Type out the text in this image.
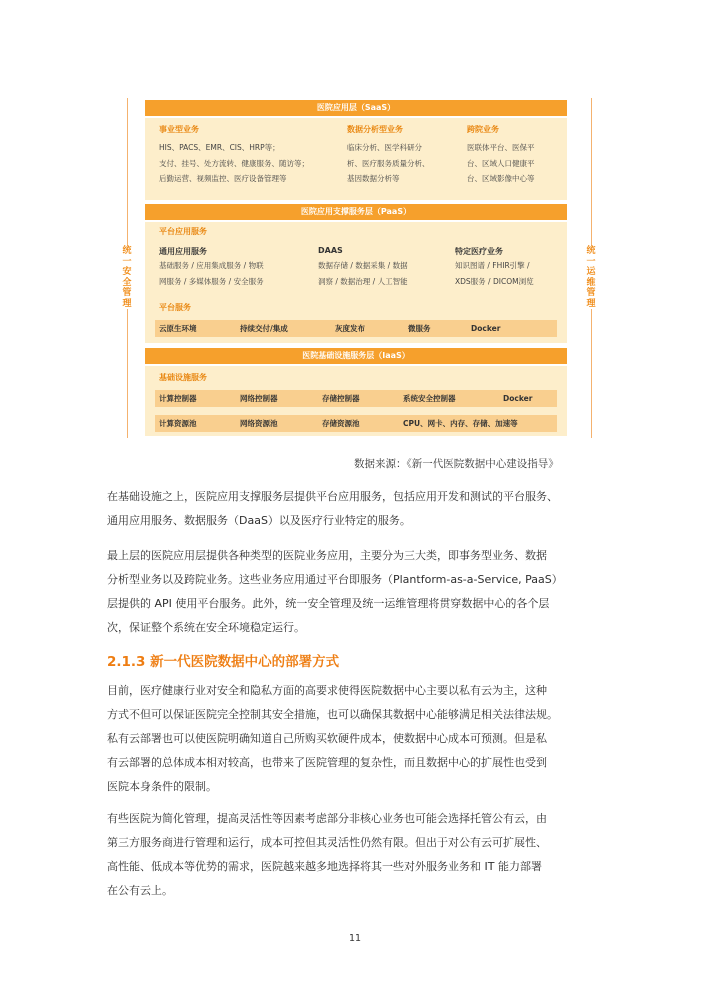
统
一
安
全
管
理
统
一
运
维
管
理
医院应用层（SaaS）
事业型业务
HIS、PACS、EMR、CIS、HRP等；
支付、挂号、处方流转、健康服务、随访等；
后勤运营、视频监控、医疗设备管理等
数据分析型业务
临床分析、医学科研分
析、医疗服务质量分析、
基因数据分析等
跨院业务
医联体平台、医保平
台、区域人口健康平
台、区域影像中心等
医院应用支撑服务层（PaaS）
平台应用服务
通用应用服务
基础服务 / 应用集成服务 / 物联
网服务 / 多媒体服务 / 安全服务
DAAS
数据存储 / 数据采集 / 数据
洞察 / 数据治理 / 人工智能
特定医疗业务
知识图谱 / FHIR引擎 /
XDS服务 / DICOM浏览
平台服务
云原生环境	持续交付/集成	灰度发布	微服务	Docker
医院基础设施服务层（IaaS）
基础设施服务
计算控制器	网络控制器	存储控制器	系统安全控制器	Docker
计算资源池	网络资源池	存储资源池	CPU、网卡、内存、存储、加速等
数据来源：《新一代医院数据中心建设指导》
在基础设施之上，医院应用支撑服务层提供平台应用服务，包括应用开发和测试的平台服务、
通用应用服务、数据服务（DaaS）以及医疗行业特定的服务。
最上层的医院应用层提供各种类型的医院业务应用，主要分为三大类，即事务型业务、数据
分析型业务以及跨院业务。这些业务应用通过平台即服务（Plantform-as-a-Service, PaaS）
层提供的 API 使用平台服务。此外，统一安全管理及统一运维管理将贯穿数据中心的各个层
次，保证整个系统在安全环境稳定运行。
2.1.3 新一代医院数据中心的部署方式
目前，医疗健康行业对安全和隐私方面的高要求使得医院数据中心主要以私有云为主，这种
方式不但可以保证医院完全控制其安全措施，也可以确保其数据中心能够满足相关法律法规。
私有云部署也可以使医院明确知道自己所购买软硬件成本，使数据中心成本可预测。但是私
有云部署的总体成本相对较高，也带来了医院管理的复杂性，而且数据中心的扩展性也受到
医院本身条件的限制。
有些医院为简化管理，提高灵活性等因素考虑部分非核心业务也可能会选择托管公有云，由
第三方服务商进行管理和运行，成本可控但其灵活性仍然有限。但出于对公有云可扩展性、
高性能、低成本等优势的需求，医院越来越多地选择将其一些对外服务业务和 IT 能力部署
在公有云上。
11
